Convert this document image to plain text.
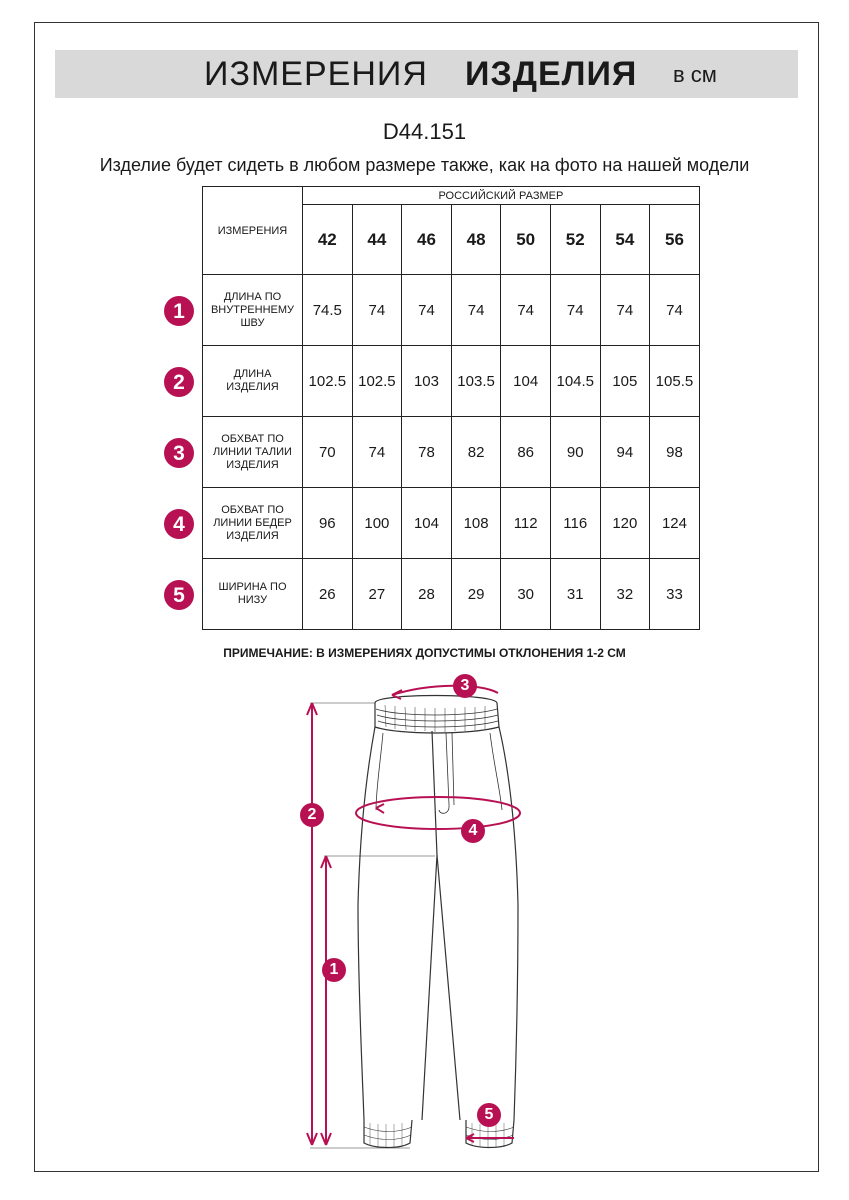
ИЗМЕРЕНИЯ ИЗДЕЛИЯ в см
D44.151
Изделие будет сидеть в любом размере также, как на фото на нашей модели
ИЗМЕРЕНИЯ	РОССИЙСКИЙ РАЗМЕР							
	42	44	46	48	50	52	54	56

ДЛИНА ПО
ВНУТРЕННЕМУ
ШВУ	74.5	74	74	74	74	74	74	74

ДЛИНА
ИЗДЕЛИЯ	102.5	102.5	103	103.5	104	104.5	105	105.5

ОБХВАТ ПО
ЛИНИИ ТАЛИИ
ИЗДЕЛИЯ	70	74	78	82	86	90	94	98

ОБХВАТ ПО
ЛИНИИ БЕДЕР
ИЗДЕЛИЯ	96	100	104	108	112	116	120	124

ШИРИНА ПО
НИЗУ	26	27	28	29	30	31	32	33
1
2
3
4
5
ПРИМЕЧАНИЕ: В ИЗМЕРЕНИЯХ ДОПУСТИМЫ ОТКЛОНЕНИЯ 1-2 СМ
3
2
4
1
5
